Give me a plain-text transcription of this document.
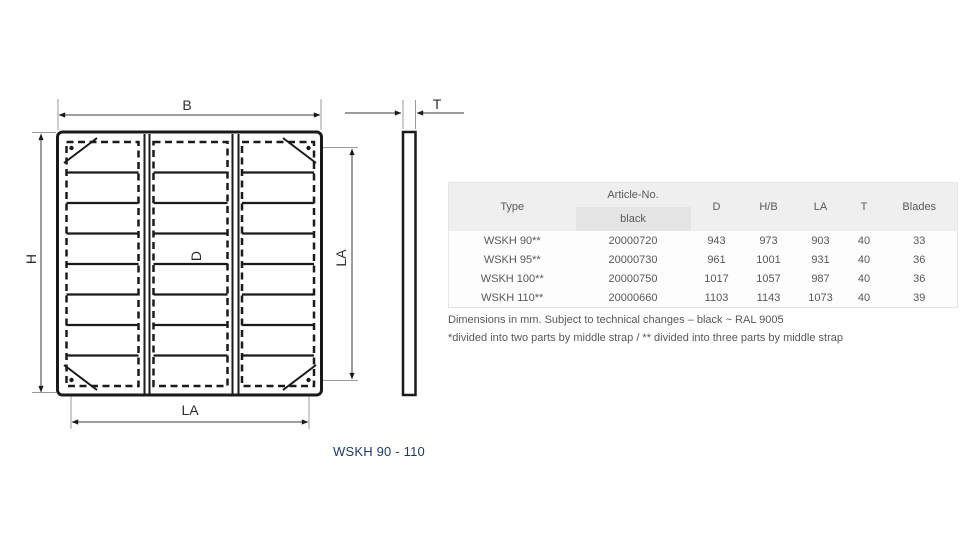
B
H	D	LA
LA
T
WSKH 90 - 110
Type	Article-No.	D	H/B	LA	T	Blades
	black					
WSKH 90**	20000720	943	973	903	40	33
WSKH 95**	20000730	961	1001	931	40	36
WSKH 100**	20000750	1017	1057	987	40	36
WSKH 110**	20000660	1103	1143	1073	40	39

Dimensions in mm. Subject to technical changes – black ~ RAL 9005

*divided into two parts by middle strap / ** divided into three parts by middle strap
